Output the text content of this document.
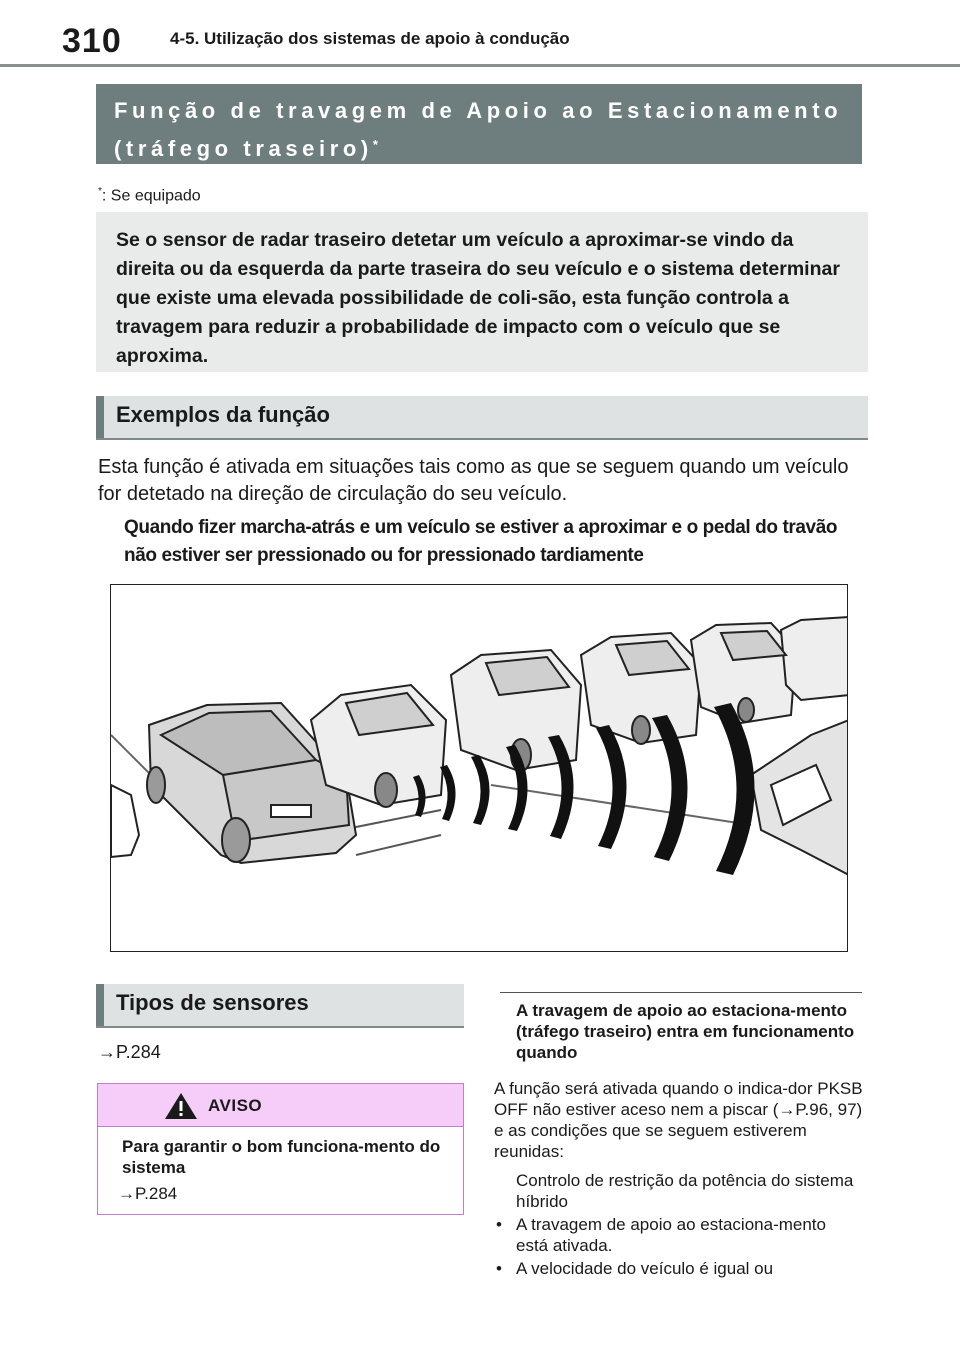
310	4-5. Utilização dos sistemas de apoio à condução
Função de travagem de Apoio ao Estacionamento
(tráfego traseiro)*
*: Se equipado
Se o sensor de radar traseiro detetar um veículo a aproximar-se vindo da direita ou da esquerda da parte traseira do seu veículo e o sistema determinar que existe uma elevada possibilidade de coli-são, esta função controla a travagem para reduzir a probabilidade de impacto com o veículo que se aproxima.
Exemplos da função
Esta função é ativada em situações tais como as que se seguem quando um veículo for detetado na direção de circulação do seu veículo.
Quando fizer marcha-atrás e um veículo se estiver a aproximar e o pedal do travão não estiver ser pressionado ou for pressionado tardiamente
Tipos de sensores
→P.284
AVISO
Para garantir o bom funciona-mento do sistema
→P.284
A travagem de apoio ao estaciona-mento (tráfego traseiro) entra em funcionamento quando
A função será ativada quando o indica-dor PKSB OFF não estiver aceso nem a piscar (→P.96, 97) e as condições que se seguem estiverem reunidas:
Controlo de restrição da potência do sistema híbrido
• A travagem de apoio ao estaciona-mento está ativada.
• A velocidade do veículo é igual ou
